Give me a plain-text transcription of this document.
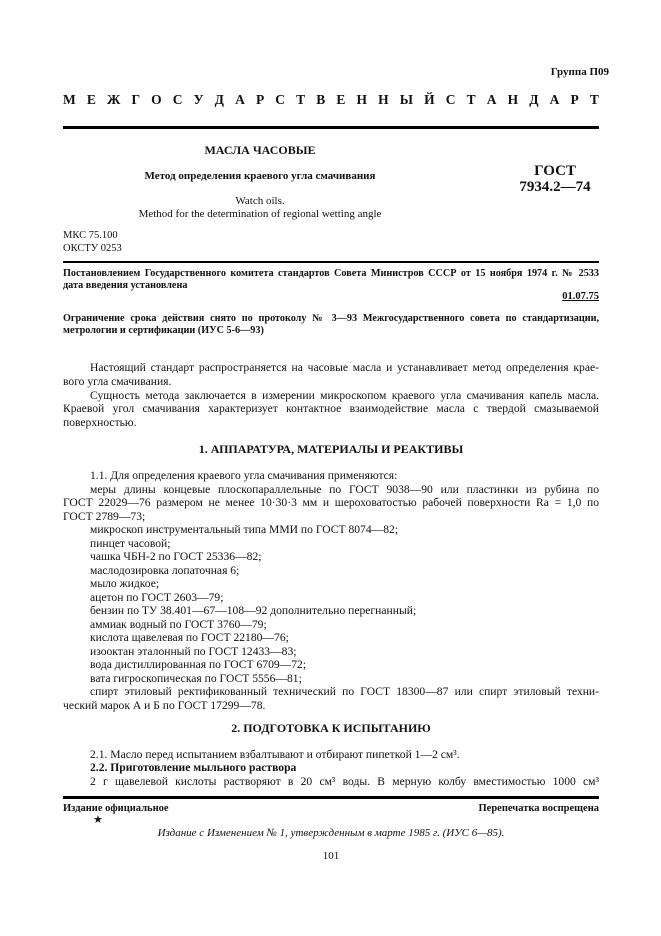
Группа П09
М Е Ж Г О С У Д А Р С Т В Е Н Н Ы Й С Т А Н Д А Р Т
МАСЛА ЧАСОВЫЕ
Метод определения краевого угла смачивания	ГОСТ
7934.2—74
Watch oils.
Method for the determination of regional wetting angle
МКС 75.100
ОКСТУ 0253
Постановлением Государственного комитета стандартов Совета Министров СССР от 15 ноября 1974 г. № 2533
дата введения установлена
01.07.75
Ограничение срока действия снято по протоколу № 3—93 Межгосударственного совета по стандартизации,
метрологии и сертификации (ИУС 5-6—93)
Настоящий стандарт распространяется на часовые масла и устанавливает метод определения крае-
вого угла смачивания.
Сущность метода заключается в измерении микроскопом краевого угла смачивания капель масла.
Краевой угол смачивания характеризует контактное взаимодействие масла с твердой смазываемой
поверхностью.
1. АППАРАТУРА, МАТЕРИАЛЫ И РЕАКТИВЫ
1.1. Для определения краевого угла смачивания применяются:
меры длины концевые плоскопараллельные по ГОСТ 9038—90 или пластинки из рубина по
ГОСТ 22029—76 размером не менее 10·30·3 мм и шероховатостью рабочей поверхности Ra = 1,0 по
ГОСТ 2789—73;
микроскоп инструментальный типа ММИ по ГОСТ 8074—82;
пинцет часовой;
чашка ЧБН-2 по ГОСТ 25336—82;
маслодозировка лопаточная 6;
мыло жидкое;
ацетон по ГОСТ 2603—79;
бензин по ТУ 38.401—67—108—92 дополнительно перегнанный;
аммиак водный по ГОСТ 3760—79;
кислота щавелевая по ГОСТ 22180—76;
изооктан эталонный по ГОСТ 12433—83;
вода дистиллированная по ГОСТ 6709—72;
вата гигроскопическая по ГОСТ 5556—81;
спирт этиловый ректификованный технический по ГОСТ 18300—87 или спирт этиловый техни-
ческий марок А и Б по ГОСТ 17299—78.
2. ПОДГОТОВКА К ИСПЫТАНИЮ
2.1. Масло перед испытанием взбалтывают и отбирают пипеткой 1—2 см³.
2.2. Приготовление мыльного раствора
2 г щавелевой кислоты растворяют в 20 см³ воды. В мерную колбу вместимостью 1000 см³
Издание официальное	Перепечатка воспрещена
★
Издание с Изменением № 1, утвержденным в марте 1985 г. (ИУС 6—85).
101
